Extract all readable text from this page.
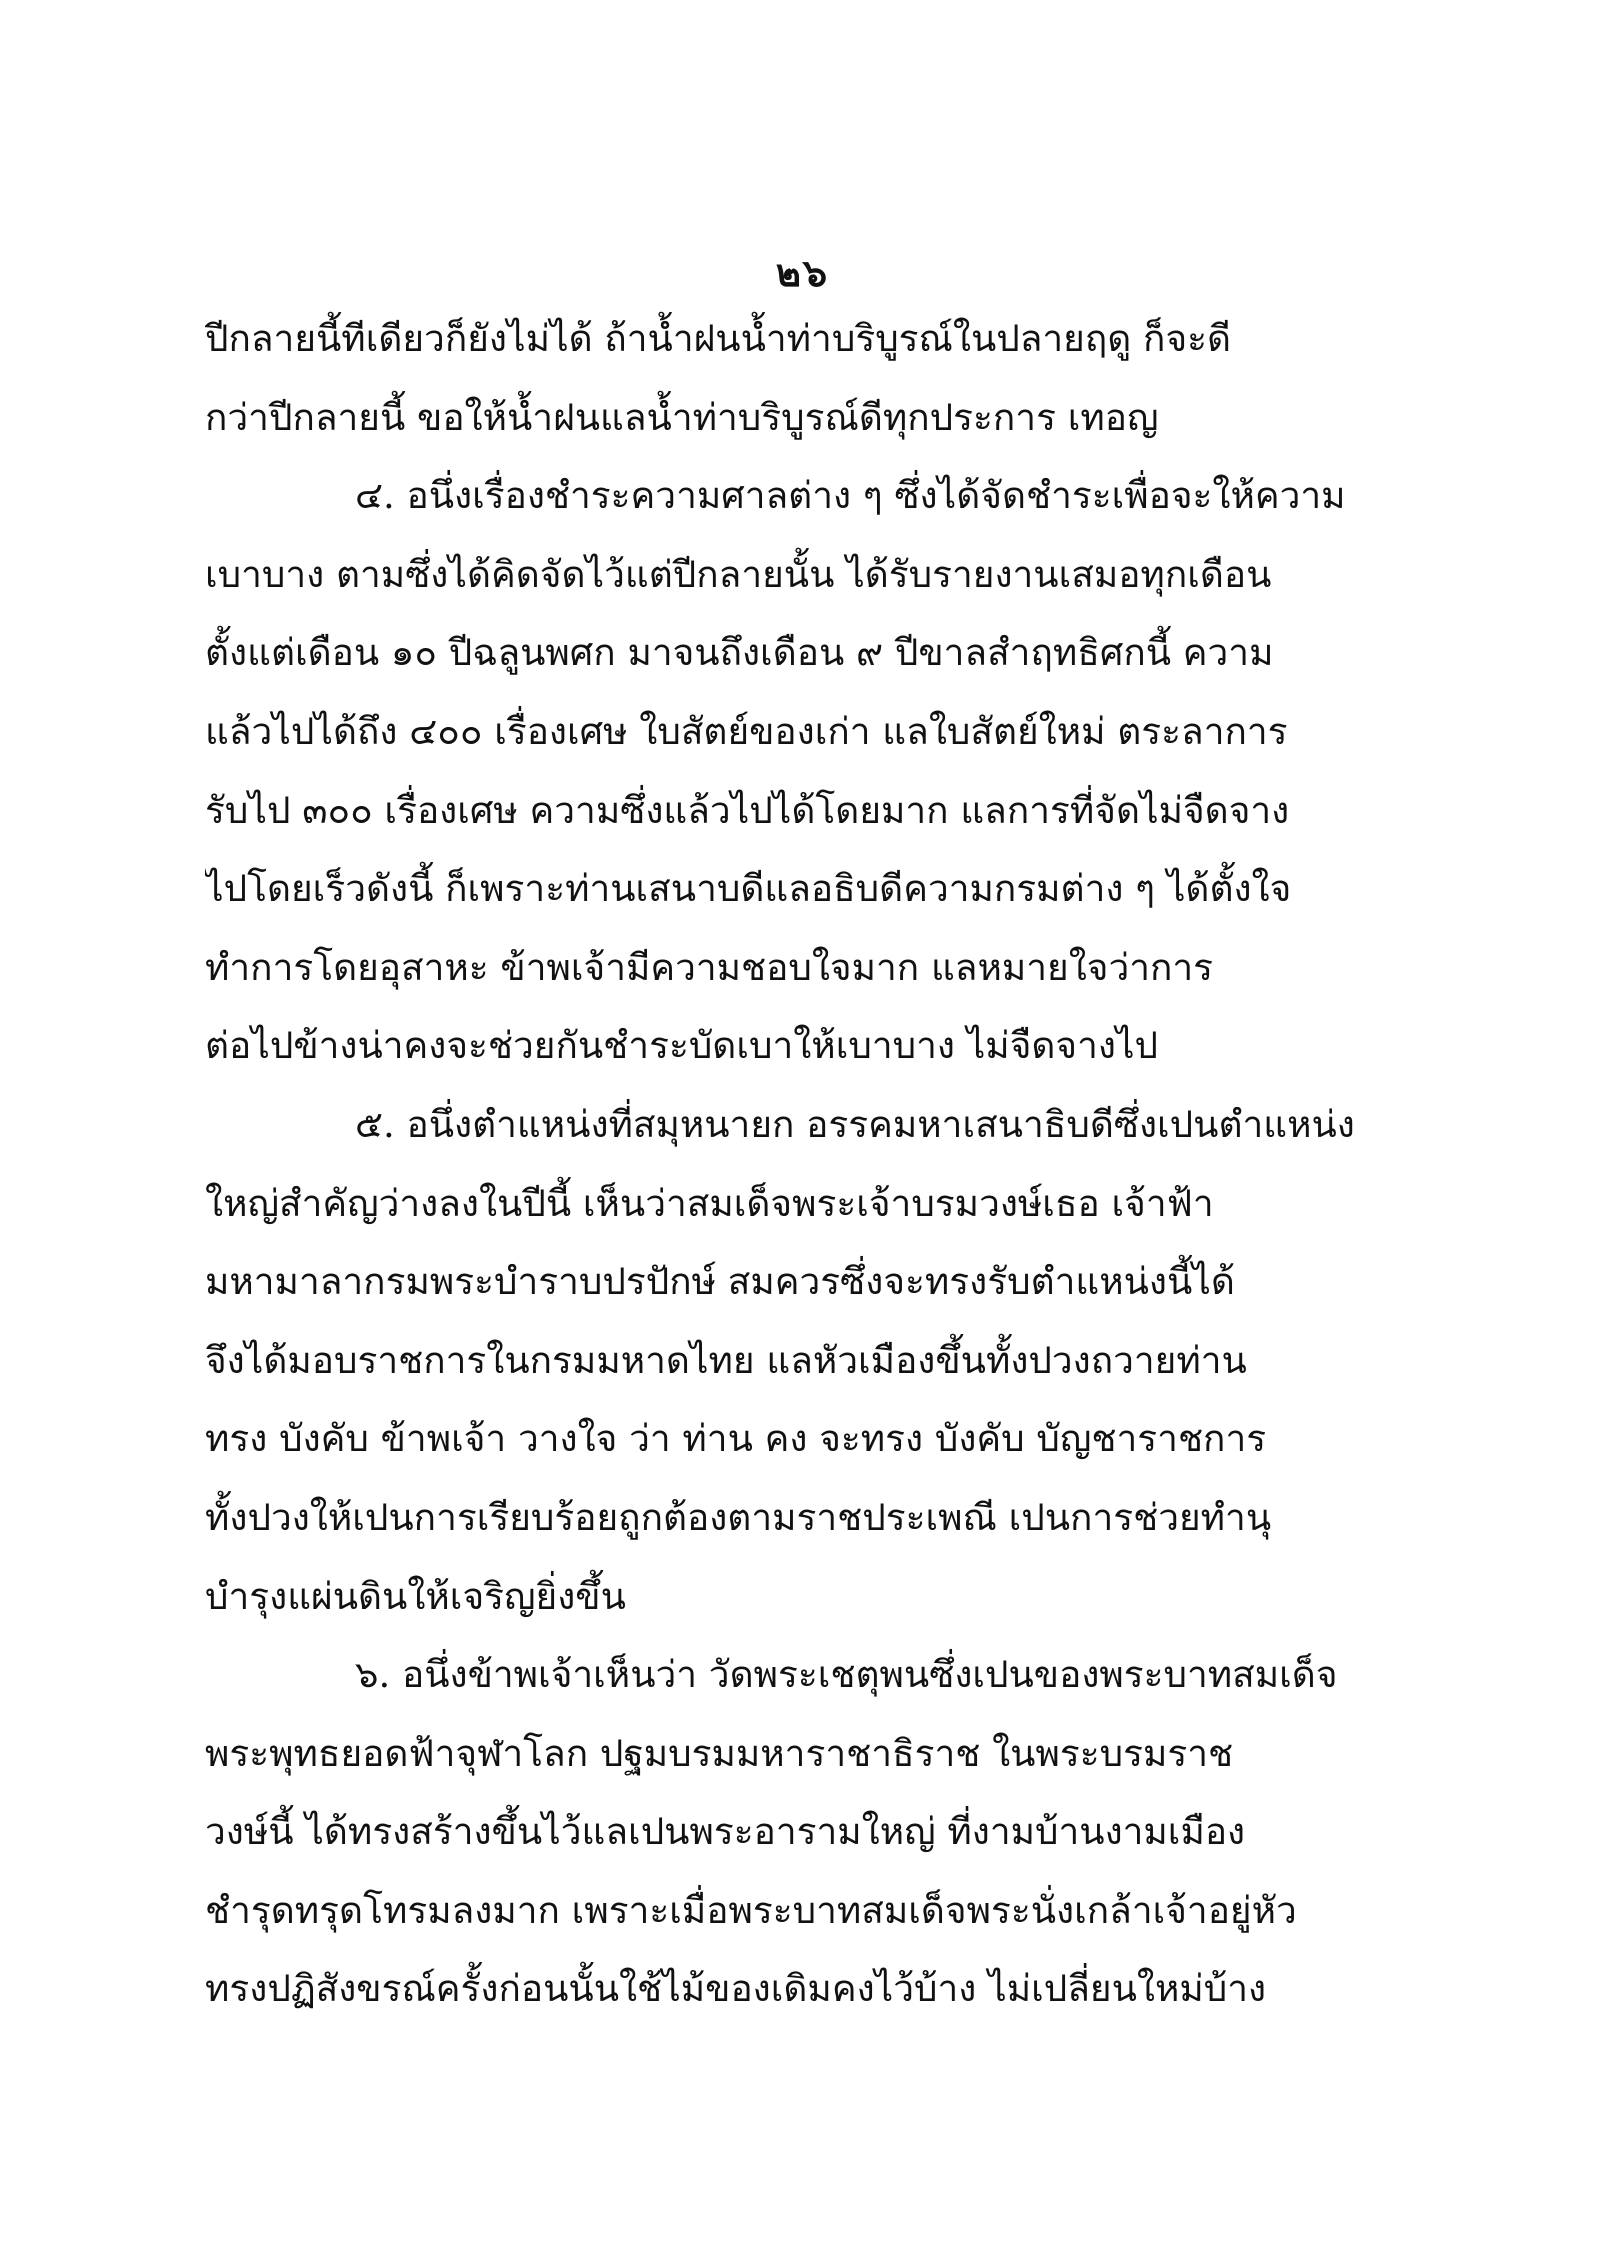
๒๖
ปีกลายนี้ทีเดียวก็ยังไม่ได้ ถ้าน้ำฝนน้ำท่าบริบูรณ์ในปลายฤดู ก็จะดี
กว่าปีกลายนี้ ขอให้น้ำฝนแลน้ำท่าบริบูรณ์ดีทุกประการ เทอญ
๔. อนึ่งเรื่องชำระความศาลต่าง ๆ ซึ่งได้จัดชำระเพื่อจะให้ความ
เบาบาง ตามซึ่งได้คิดจัดไว้แต่ปีกลายนั้น ได้รับรายงานเสมอทุกเดือน
ตั้งแต่เดือน ๑๐ ปีฉลูนพศก มาจนถึงเดือน ๙ ปีขาลสำฤทธิศกนี้ ความ
แล้วไปได้ถึง ๔๐๐ เรื่องเศษ ใบสัตย์ของเก่า แลใบสัตย์ใหม่ ตระลาการ
รับไป ๓๐๐ เรื่องเศษ ความซึ่งแล้วไปได้โดยมาก แลการที่จัดไม่จืดจาง
ไปโดยเร็วดังนี้ ก็เพราะท่านเสนาบดีแลอธิบดีความกรมต่าง ๆ ได้ตั้งใจ
ทำการโดยอุสาหะ ข้าพเจ้ามีความชอบใจมาก แลหมายใจว่าการ
ต่อไปข้างน่าคงจะช่วยกันชำระบัดเบาให้เบาบาง ไม่จืดจางไป
๕. อนึ่งตำแหน่งที่สมุหนายก อรรคมหาเสนาธิบดีซึ่งเปนตำแหน่ง
ใหญ่สำคัญว่างลงในปีนี้ เห็นว่าสมเด็จพระเจ้าบรมวงษ์เธอ เจ้าฟ้า
มหามาลากรมพระบำราบปรปักษ์ สมควรซึ่งจะทรงรับตำแหน่งนี้ได้
จึงได้มอบราชการในกรมมหาดไทย แลหัวเมืองขึ้นทั้งปวงถวายท่าน
ทรง บังคับ ข้าพเจ้า วางใจ ว่า ท่าน คง จะทรง บังคับ บัญชาราชการ
ทั้งปวงให้เปนการเรียบร้อยถูกต้องตามราชประเพณี เปนการช่วยทำนุ
บำรุงแผ่นดินให้เจริญยิ่งขึ้น
๖. อนึ่งข้าพเจ้าเห็นว่า วัดพระเชตุพนซึ่งเปนของพระบาทสมเด็จ
พระพุทธยอดฟ้าจุฬาโลก ปฐมบรมมหาราชาธิราช ในพระบรมราช
วงษ์นี้ ได้ทรงสร้างขึ้นไว้แลเปนพระอารามใหญ่ ที่งามบ้านงามเมือง
ชำรุดทรุดโทรมลงมาก เพราะเมื่อพระบาทสมเด็จพระนั่งเกล้าเจ้าอยู่หัว
ทรงปฏิสังขรณ์ครั้งก่อนนั้นใช้ไม้ของเดิมคงไว้บ้าง ไม่เปลี่ยนใหม่บ้าง
